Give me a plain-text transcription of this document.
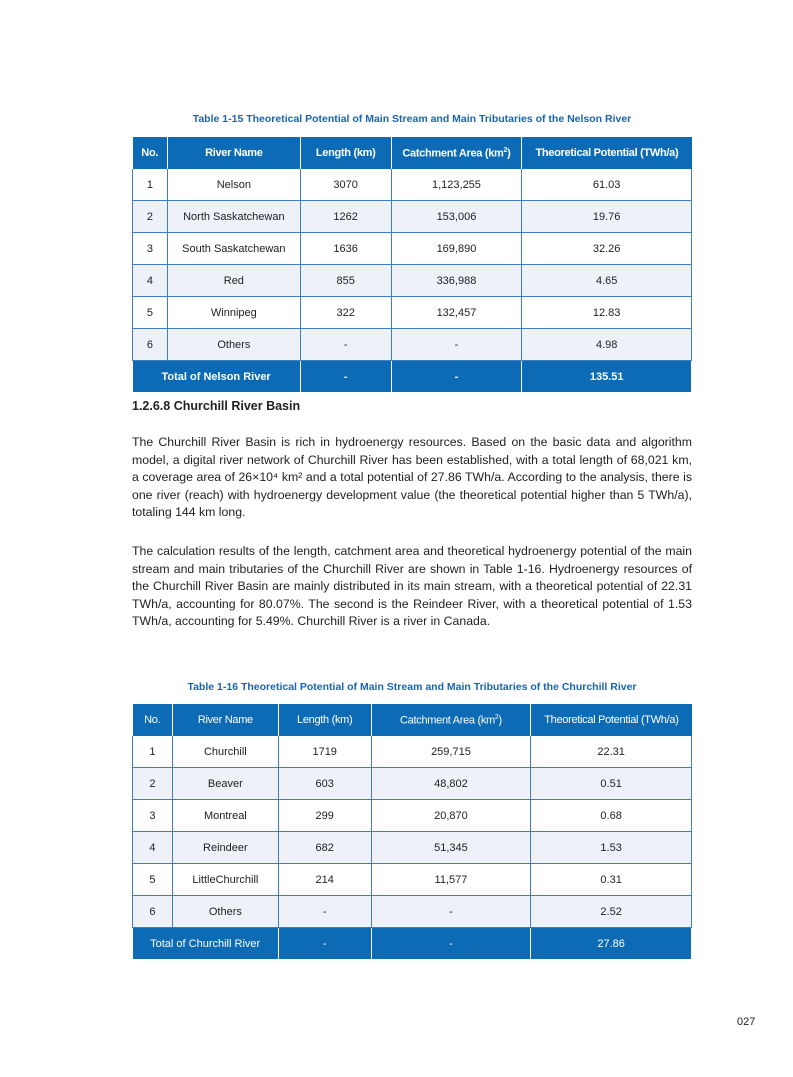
Table 1-15 Theoretical Potential of Main Stream and Main Tributaries of the Nelson River
No.	River Name	Length (km)	Catchment Area $(km^2)$	Theoretical Potential (TWh/a)
1	Nelson	3070	1,123,255	61.03
2	North Saskatchewan	1262	153,006	19.76
3	South Saskatchewan	1636	169,890	32.26
4	Red	855	336,988	4.65
5	Winnipeg	322	132,457	12.83
6	Others	-	-	4.98
Total of Nelson River		-	-	135.51
1.2.6.8 Churchill River Basin

The Churchill River Basin is rich in hydroenergy resources. Based on the basic data and algorithm model, a digital river network of Churchill River has been established, with a total length of 68,021 km, a coverage area of 26×10⁴ km² and a total potential of 27.86 TWh/a. According to the analysis, there is one river (reach) with hydroenergy development value (the theoretical potential higher than 5 TWh/a), totaling 144 km long.

The calculation results of the length, catchment area and theoretical hydroenergy potential of the main stream and main tributaries of the Churchill River are shown in Table 1-16. Hydroenergy resources of the Churchill River Basin are mainly distributed in its main stream, with a theoretical potential of 22.31 TWh/a, accounting for 80.07%. The second is the Reindeer River, with a theoretical potential of 1.53 TWh/a, accounting for 5.49%. Churchill River is a river in Canada.

Table 1-16 Theoretical Potential of Main Stream and Main Tributaries of the Churchill River
No.	River Name	Length (km)	Catchment Area $(km^2)$	Theoretical Potential (TWh/a)
1	Churchill	1719	259,715	22.31
2	Beaver	603	48,802	0.51
3	Montreal	299	20,870	0.68
4	Reindeer	682	51,345	1.53
5	LittleChurchill	214	11,577	0.31
6	Others	-	-	2.52
Total of Churchill River		-	-	27.86
027
